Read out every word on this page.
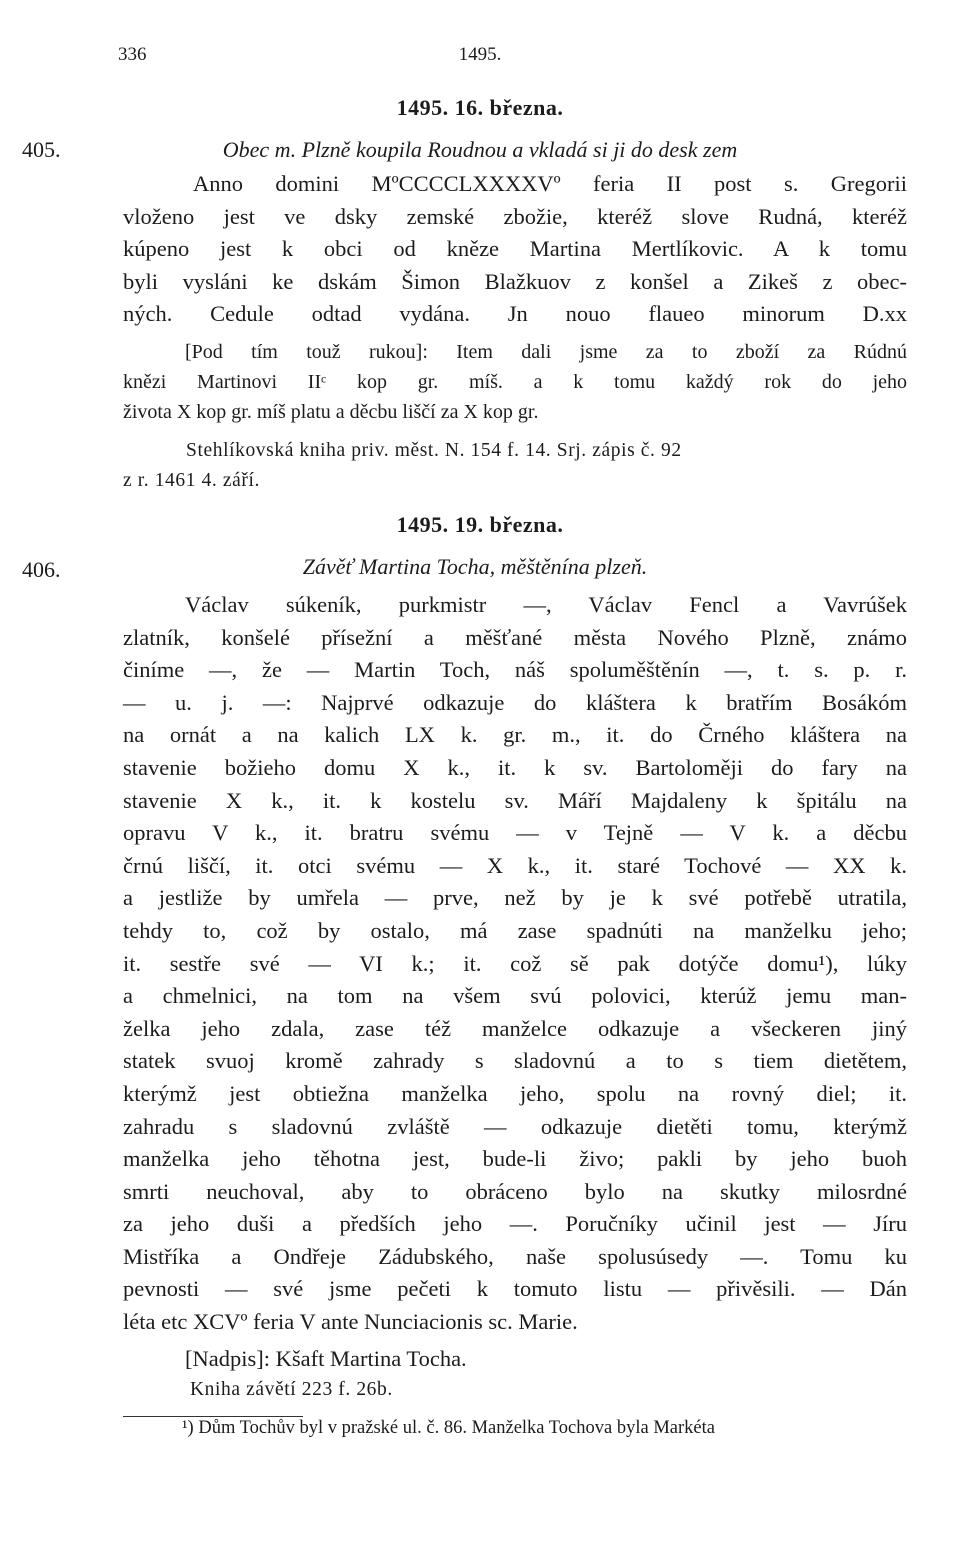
336	1495.
1495. 16. března.
405.	Obec m. Plzně koupila Roudnou a vkladá si ji do desk zem
Anno domini MºCCCCLXXXXVº feria II post s. Gregorii
vloženo jest ve dsky zemské zbožie, kteréž slove Rudná, kteréž
kúpeno jest k obci od kněze Martina Mertlíkovic. A k tomu
byli vysláni ke dskám Šimon Blažkuov z konšel a Zikeš z obec-
ných. Cedule odtad vydána. Jn nouo flaueo minorum D.xx
[Pod tím touž rukou]: Item dali jsme za to zboží za Rúdnú
knězi Martinovi IIᶜ kop gr. míš. a k tomu každý rok do jeho
života X kop gr. míš platu a děcbu liščí za X kop gr.
Stehlíkovská kniha priv. měst. N. 154 f. 14. Srj. zápis č. 92
z r. 1461 4. září.
1495. 19. března.
406.	Závěť Martina Tocha, měštěnína plzeň.
Václav súkeník, purkmistr —, Václav Fencl a Vavrúšek
zlatník, konšelé přísežní a měšťané města Nového Plzně, známo
činíme —, že — Martin Toch, náš spoluměštěnín —, t. s. p. r.
— u. j. —: Najprvé odkazuje do kláštera k bratřím Bosákóm
na ornát a na kalich LX k. gr. m., it. do Črného kláštera na
stavenie božieho domu X k., it. k sv. Bartoloměji do fary na
stavenie X k., it. k kostelu sv. Máří Majdaleny k špitálu na
opravu V k., it. bratru svému — v Tejně — V k. a děcbu
črnú liščí, it. otci svému — X k., it. staré Tochové — XX k.
a jestliže by umřela — prve, než by je k své potřebě utratila,
tehdy to, což by ostalo, má zase spadnúti na manželku jeho;
it. sestře své — VI k.; it. což sě pak dotýče domu¹), lúky
a chmelnici, na tom na všem svú polovici, kterúž jemu man-
želka jeho zdala, zase též manželce odkazuje a všeckeren jiný
statek svuoj kromě zahrady s sladovnú a to s tiem dietětem,
kterýmž jest obtiežna manželka jeho, spolu na rovný diel; it.
zahradu s sladovnú zvláště — odkazuje dietěti tomu, kterýmž
manželka jeho těhotna jest, bude-li živo; pakli by jeho buoh
smrti neuchoval, aby to obráceno bylo na skutky milosrdné
za jeho duši a předších jeho —. Poručníky učinil jest — Jíru
Mistříka a Ondřeje Zádubského, naše spolusúsedy —. Tomu ku
pevnosti — své jsme pečeti k tomuto listu — přivěsili. — Dán
léta etc XCVº feria V ante Nunciacionis sc. Marie.
[Nadpis]: Kšaft Martina Tocha.
Kniha závětí 223 f. 26b.
¹) Dům Tochův byl v pražské ul. č. 86. Manželka Tochova byla Markéta
